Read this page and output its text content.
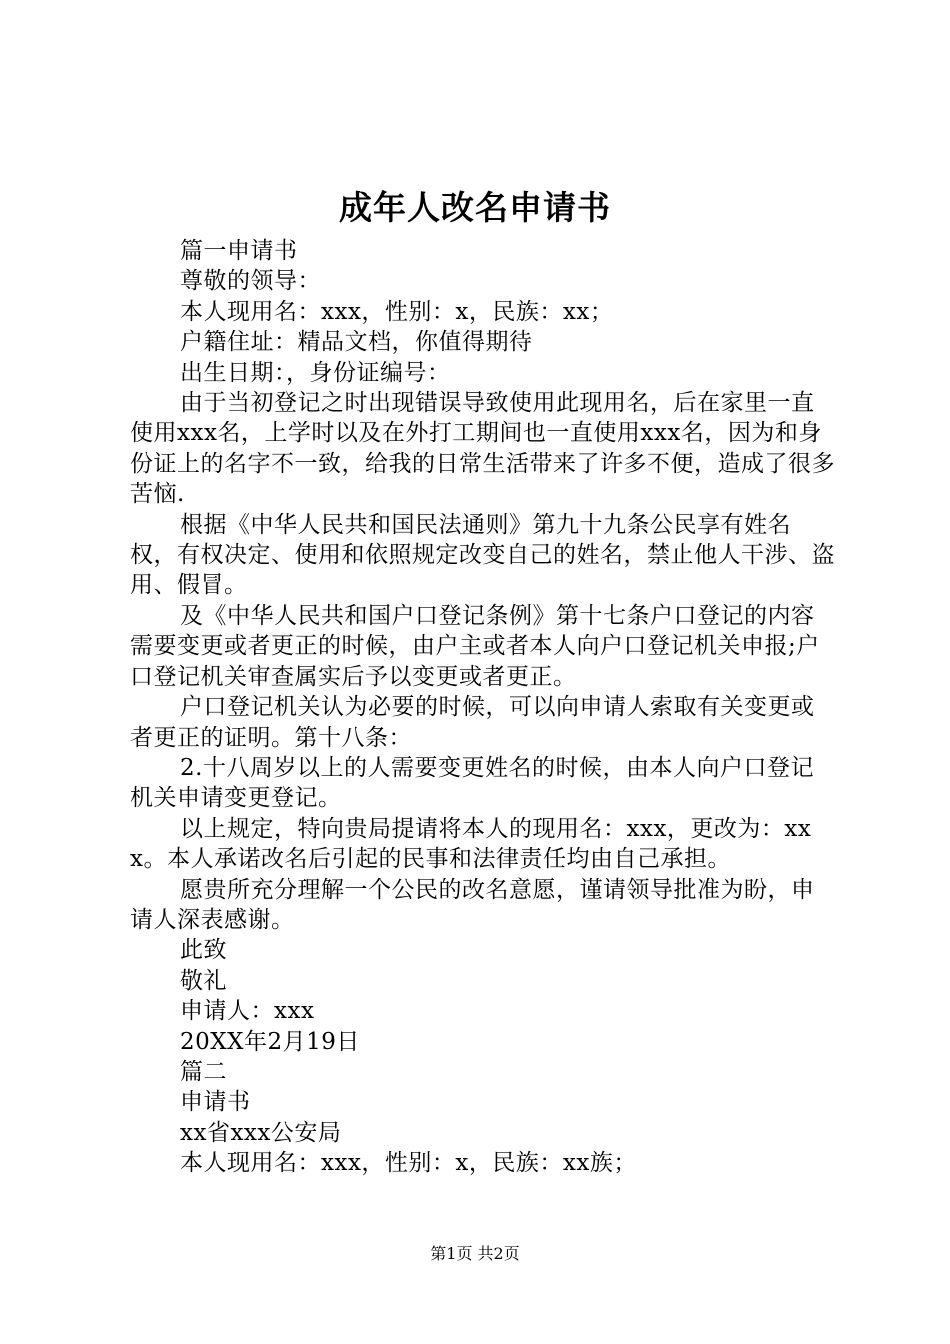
成年人改名申请书

篇一申请书

尊敬的领导：

本人现用名：xxx，性别：x，民族：xx；

户籍住址：精品文档，你值得期待

出生日期：，身份证编号：

由于当初登记之时出现错误导致使用此现用名，后在家里一直使用xxx名，上学时以及在外打工期间也一直使用xxx名，因为和身份证上的名字不一致，给我的日常生活带来了许多不便，造成了很多苦恼.

根据《中华人民共和国民法通则》第九十九条公民享有姓名权，有权决定、使用和依照规定改变自己的姓名，禁止他人干涉、盗用、假冒。

及《中华人民共和国户口登记条例》第十七条户口登记的内容需要变更或者更正的时候，由户主或者本人向户口登记机关申报;户口登记机关审查属实后予以变更或者更正。

户口登记机关认为必要的时候，可以向申请人索取有关变更或者更正的证明。第十八条：

2.十八周岁以上的人需要变更姓名的时候，由本人向户口登记机关申请变更登记。

以上规定，特向贵局提请将本人的现用名：xxx，更改为：xxx。本人承诺改名后引起的民事和法律责任均由自己承担。

愿贵所充分理解一个公民的改名意愿，谨请领导批准为盼，申请人深表感谢。

此致

敬礼

申请人：xxx

20XX年2月19日

篇二

申请书

xx省xxx公安局

本人现用名：xxx，性别：x，民族：xx族；

第1页 共2页
